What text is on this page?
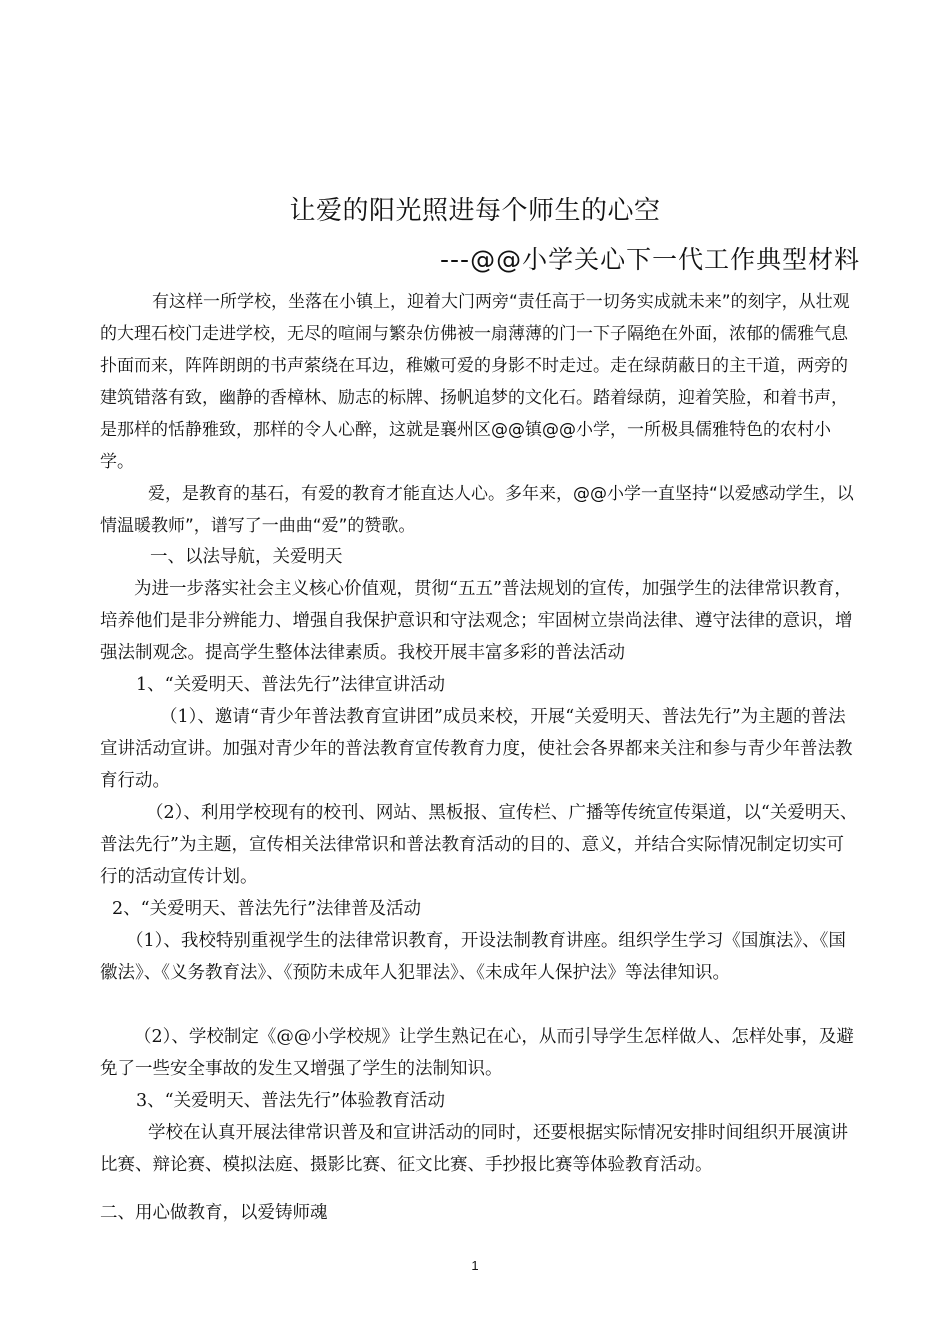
让爱的阳光照进每个师生的心空
---@@小学关心下一代工作典型材料
有这样一所学校，坐落在小镇上，迎着大门两旁“责任高于一切务实成就未来”的刻字，从壮观的大理石校门走进学校，无尽的喧闹与繁杂仿佛被一扇薄薄的门一下子隔绝在外面，浓郁的儒雅气息扑面而来，阵阵朗朗的书声萦绕在耳边，稚嫩可爱的身影不时走过。走在绿荫蔽日的主干道，两旁的建筑错落有致，幽静的香樟林、励志的标牌、扬帆追梦的文化石。踏着绿荫，迎着笑脸，和着书声，是那样的恬静雅致，那样的令人心醉，这就是襄州区@@镇@@小学，一所极具儒雅特色的农村小学。
爱，是教育的基石，有爱的教育才能直达人心。多年来，@@小学一直坚持“以爱感动学生，以情温暖教师”，谱写了一曲曲“爱”的赞歌。
一、以法导航，关爱明天
为进一步落实社会主义核心价值观，贯彻“五五”普法规划的宣传，加强学生的法律常识教育，培养他们是非分辨能力、增强自我保护意识和守法观念；牢固树立崇尚法律、遵守法律的意识，增强法制观念。提高学生整体法律素质。我校开展丰富多彩的普法活动
1、“关爱明天、普法先行”法律宣讲活动
（1）、邀请“青少年普法教育宣讲团”成员来校，开展“关爱明天、普法先行”为主题的普法宣讲活动宣讲。加强对青少年的普法教育宣传教育力度，使社会各界都来关注和参与青少年普法教育行动。
（2）、利用学校现有的校刊、网站、黑板报、宣传栏、广播等传统宣传渠道，以“关爱明天、普法先行”为主题，宣传相关法律常识和普法教育活动的目的、意义，并结合实际情况制定切实可行的活动宣传计划。
2、“关爱明天、普法先行”法律普及活动
（1）、我校特别重视学生的法律常识教育，开设法制教育讲座。组织学生学习《国旗法》、《国徽法》、《义务教育法》、《预防未成年人犯罪法》、《未成年人保护法》等法律知识。
（2）、学校制定《@@小学校规》让学生熟记在心，从而引导学生怎样做人、怎样处事，及避免了一些安全事故的发生又增强了学生的法制知识。
3、“关爱明天、普法先行”体验教育活动
学校在认真开展法律常识普及和宣讲活动的同时，还要根据实际情况安排时间组织开展演讲比赛、辩论赛、模拟法庭、摄影比赛、征文比赛、手抄报比赛等体验教育活动。
二、用心做教育，以爱铸师魂
1
